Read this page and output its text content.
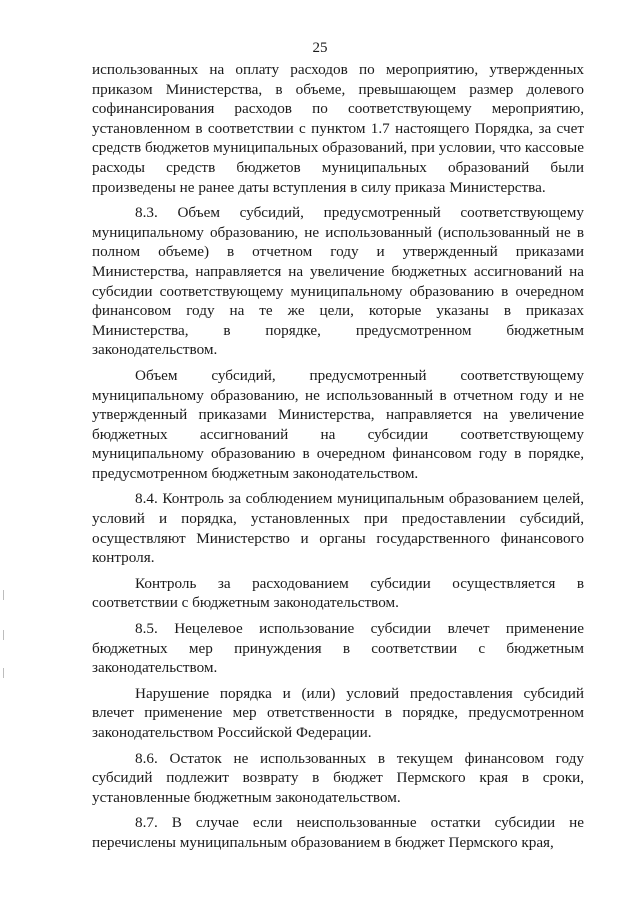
25

использованных на оплату расходов по мероприятию, утвержденных приказом Министерства, в объеме, превышающем размер долевого софинансирования расходов по соответствующему мероприятию, установленном в соответствии с пунктом 1.7 настоящего Порядка, за счет средств бюджетов муниципальных образований, при условии, что кассовые расходы средств бюджетов муниципальных образований были произведены не ранее даты вступления в силу приказа Министерства.

8.3. Объем субсидий, предусмотренный соответствующему муниципальному образованию, не использованный (использованный не в полном объеме) в отчетном году и утвержденный приказами Министерства, направляется на увеличение бюджетных ассигнований на субсидии соответствующему муниципальному образованию в очередном финансовом году на те же цели, которые указаны в приказах Министерства, в порядке, предусмотренном бюджетным законодательством.

Объем субсидий, предусмотренный соответствующему муниципальному образованию, не использованный в отчетном году и не утвержденный приказами Министерства, направляется на увеличение бюджетных ассигнований на субсидии соответствующему муниципальному образованию в очередном финансовом году в порядке, предусмотренном бюджетным законодательством.

8.4. Контроль за соблюдением муниципальным образованием целей, условий и порядка, установленных при предоставлении субсидий, осуществляют Министерство и органы государственного финансового контроля.

Контроль за расходованием субсидии осуществляется в соответствии с бюджетным законодательством.

8.5. Нецелевое использование субсидии влечет применение бюджетных мер принуждения в соответствии с бюджетным законодательством.

Нарушение порядка и (или) условий предоставления субсидий влечет применение мер ответственности в порядке, предусмотренном законодательством Российской Федерации.

8.6. Остаток не использованных в текущем финансовом году субсидий подлежит возврату в бюджет Пермского края в сроки, установленные бюджетным законодательством.

8.7. В случае если неиспользованные остатки субсидии не перечислены муниципальным образованием в бюджет Пермского края,
